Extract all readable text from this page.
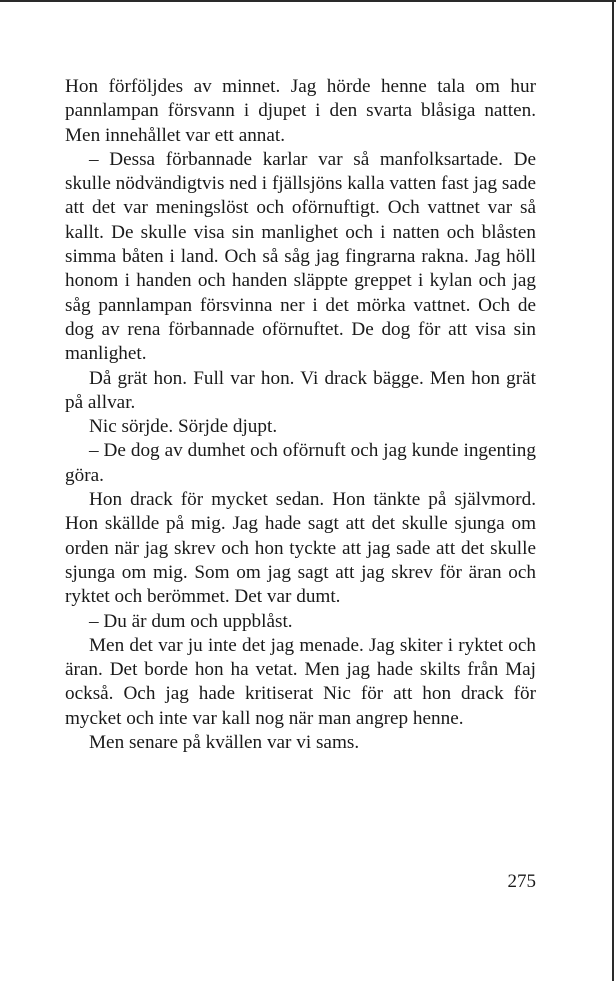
Hon förföljdes av minnet. Jag hörde henne tala om hur pannlampan försvann i djupet i den svarta blåsiga natten. Men innehållet var ett annat.

– Dessa förbannade karlar var så manfolksartade. De skulle nödvändigtvis ned i fjällsjöns kalla vatten fast jag sade att det var meningslöst och oförnuftigt. Och vattnet var så kallt. De skulle visa sin manlighet och i natten och blåsten simma båten i land. Och så såg jag fingrarna rakna. Jag höll honom i handen och handen släppte greppet i kylan och jag såg pannlampan försvinna ner i det mörka vattnet. Och de dog av rena förbannade oförnuftet. De dog för att visa sin manlighet.

Då grät hon. Full var hon. Vi drack bägge. Men hon grät på allvar.

Nic sörjde. Sörjde djupt.

– De dog av dumhet och oförnuft och jag kunde ingenting göra.

Hon drack för mycket sedan. Hon tänkte på självmord. Hon skällde på mig. Jag hade sagt att det skulle sjunga om orden när jag skrev och hon tyckte att jag sade att det skulle sjunga om mig. Som om jag sagt att jag skrev för äran och ryktet och berömmet. Det var dumt.

– Du är dum och uppblåst.

Men det var ju inte det jag menade. Jag skiter i ryktet och äran. Det borde hon ha vetat. Men jag hade skilts från Maj också. Och jag hade kritiserat Nic för att hon drack för mycket och inte var kall nog när man angrep henne.

Men senare på kvällen var vi sams.

275
